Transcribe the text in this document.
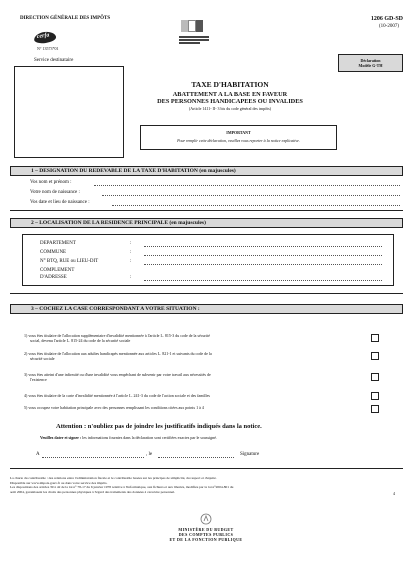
DIRECTION GÉNÉRALE DES IMPÔTS
cerfa
N° 13573*01
1206 GD-SD
(10-2007)
Service destinataire	Déclaration
Modèle G-TH
TAXE D'HABITATION
ABATTEMENT A LA BASE EN FAVEUR
DES PERSONNES HANDICAPEES OU INVALIDES
(Article 1411- II- 3 bis du code général des impôts)
IMPORTANT
Pour remplir cette déclaration, veuillez vous reporter à la notice explicative.
1 – DESIGNATION DU REDEVABLE DE LA TAXE D'HABITATION (en majuscules)
Vos nom et prénom :
Votre nom de naissance :
Vos date et lieu de naissance :
2 – LOCALISATION DE LA RESIDENCE PRINCIPALE (en majuscules)
DEPARTEMENT	:
COMMUNE	:
N° BTQ, RUE ou LIEU-DIT	:
COMPLEMENT
D'ADRESSE	:
3 – COCHEZ LA CASE CORRESPONDANT A VOTRE SITUATION :
1) vous êtes titulaire de l'allocation supplémentaire d'invalidité mentionnée à l'article L. 815-3 du code de la sécurité
social, devenu l'article L. 815-24 du code de la sécurité sociale
2) vous êtes titulaire de l'allocation aux adultes handicapés mentionnée aux articles L. 821-1 et suivants du code de la
sécurité sociale
3) vous êtes atteint d'une infirmité ou d'une invalidité vous empêchant de subvenir par votre travail aux nécessités de
l'existence
4) vous êtes titulaire de la carte d'invalidité mentionnée à l'article L. 241-3 du code de l'action sociale et des familles
5) vous occupez votre habitation principale avec des personnes remplissant les conditions citées aux points 1 à 4
Attention : n'oubliez pas de joindre les justificatifs indiqués dans la notice.
Veuillez dater et signer : les informations fournies dans la déclaration sont certifiées exactes par le soussigné.
A	, le	Signature
La charte du contribuable : des relations entre l'administration fiscale et le contribuable basées sur les principes de simplicité, du respect et d'équité.
Disponible sur www.impots.gouv.fr ou dans votre service des impôts.
Les dispositions des articles 39 à 42 de la loi n° 78-17 du 6 janvier 1978 relative à l'informatique, aux fichiers et aux libertés, modifiée par la loi n°2004-801 du
août 2004, garantissent les droits des personnes physiques à l'égard des traitements des données à caractère personnel.	4
MINISTÈRE DU BUDGET
DES COMPTES PUBLICS
ET DE LA FONCTION PUBLIQUE
